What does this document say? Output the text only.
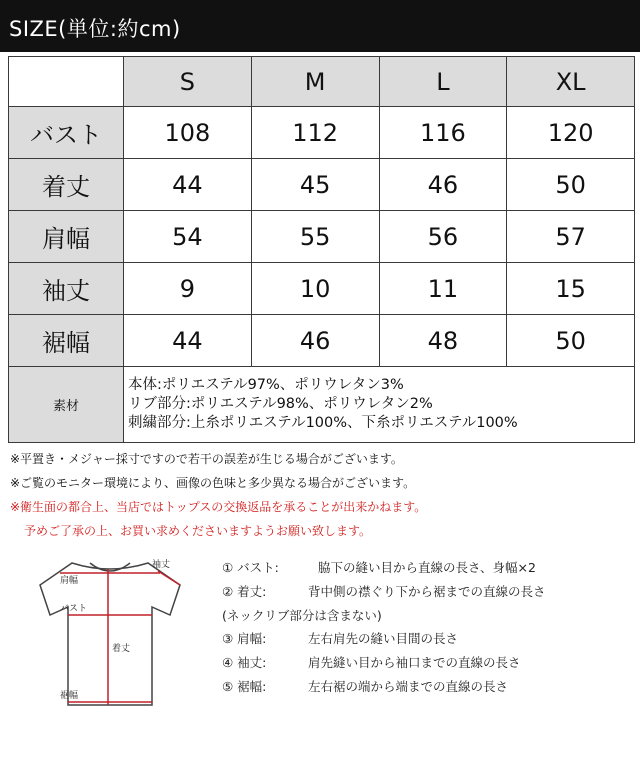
SIZE(単位:約cm)
	S	M	L	XL
バスト	108	112	116	120
着丈	44	45	46	50
肩幅	54	55	56	57
袖丈	9	10	11	15
裾幅	44	46	48	50
素材	本体:ポリエステル97%、ポリウレタン3%
リブ部分:ポリエステル98%、ポリウレタン2%
刺繍部分:上糸ポリエステル100%、下糸ポリエステル100%			
※平置き・メジャー採寸ですので若干の誤差が生じる場合がございます。
※ご覧のモニター環境により、画像の色味と多少異なる場合がございます。
※衛生面の都合上、当店ではトップスの交換返品を承ることが出来かねます。
予めご了承の上、お買い求めくださいますようお願い致します。
袖丈
肩幅
バスト
着丈
裾幅
① バスト:	脇下の縫い目から直線の長さ、身幅×2
② 着丈:	背中側の襟ぐり下から裾までの直線の長さ
(ネックリブ部分は含まない)
③ 肩幅:	左右肩先の縫い目間の長さ
④ 袖丈:	肩先縫い目から袖口までの直線の長さ
⑤ 裾幅:	左右裾の端から端までの直線の長さ
